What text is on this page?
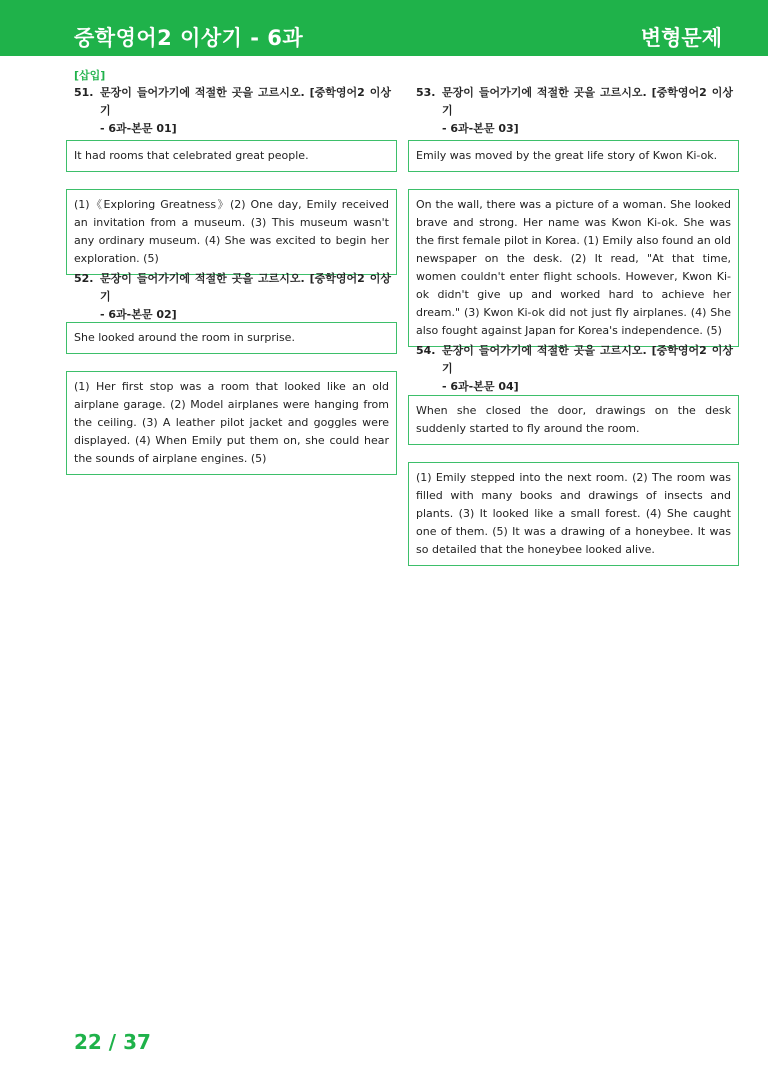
중학영어2 이상기 - 6과	변형문제
[삽입]
51. 문장이 들어가기에 적절한 곳을 고르시오. [중학영어2 이상기
- 6과-본문 01]
It had rooms that celebrated great people.
(1)《Exploring Greatness》(2) One day, Emily received an invitation from a museum. (3) This museum wasn't any ordinary museum. (4) She was excited to begin her exploration. (5)
52. 문장이 들어가기에 적절한 곳을 고르시오. [중학영어2 이상기
- 6과-본문 02]
She looked around the room in surprise.
(1) Her first stop was a room that looked like an old airplane garage. (2) Model airplanes were hanging from the ceiling. (3) A leather pilot jacket and goggles were displayed. (4) When Emily put them on, she could hear the sounds of airplane engines. (5)
53. 문장이 들어가기에 적절한 곳을 고르시오. [중학영어2 이상기
- 6과-본문 03]
Emily was moved by the great life story of Kwon Ki-ok.
On the wall, there was a picture of a woman. She looked brave and strong. Her name was Kwon Ki-ok. She was the first female pilot in Korea. (1) Emily also found an old newspaper on the desk. (2) It read, "At that time, women couldn't enter flight schools. However, Kwon Ki-ok didn't give up and worked hard to achieve her dream." (3) Kwon Ki-ok did not just fly airplanes. (4) She also fought against Japan for Korea's independence. (5)
54. 문장이 들어가기에 적절한 곳을 고르시오. [중학영어2 이상기
- 6과-본문 04]
When she closed the door, drawings on the desk suddenly started to fly around the room.
(1) Emily stepped into the next room. (2) The room was filled with many books and drawings of insects and plants. (3) It looked like a small forest. (4) She caught one of them. (5) It was a drawing of a honeybee. It was so detailed that the honeybee looked alive.
22 / 37
